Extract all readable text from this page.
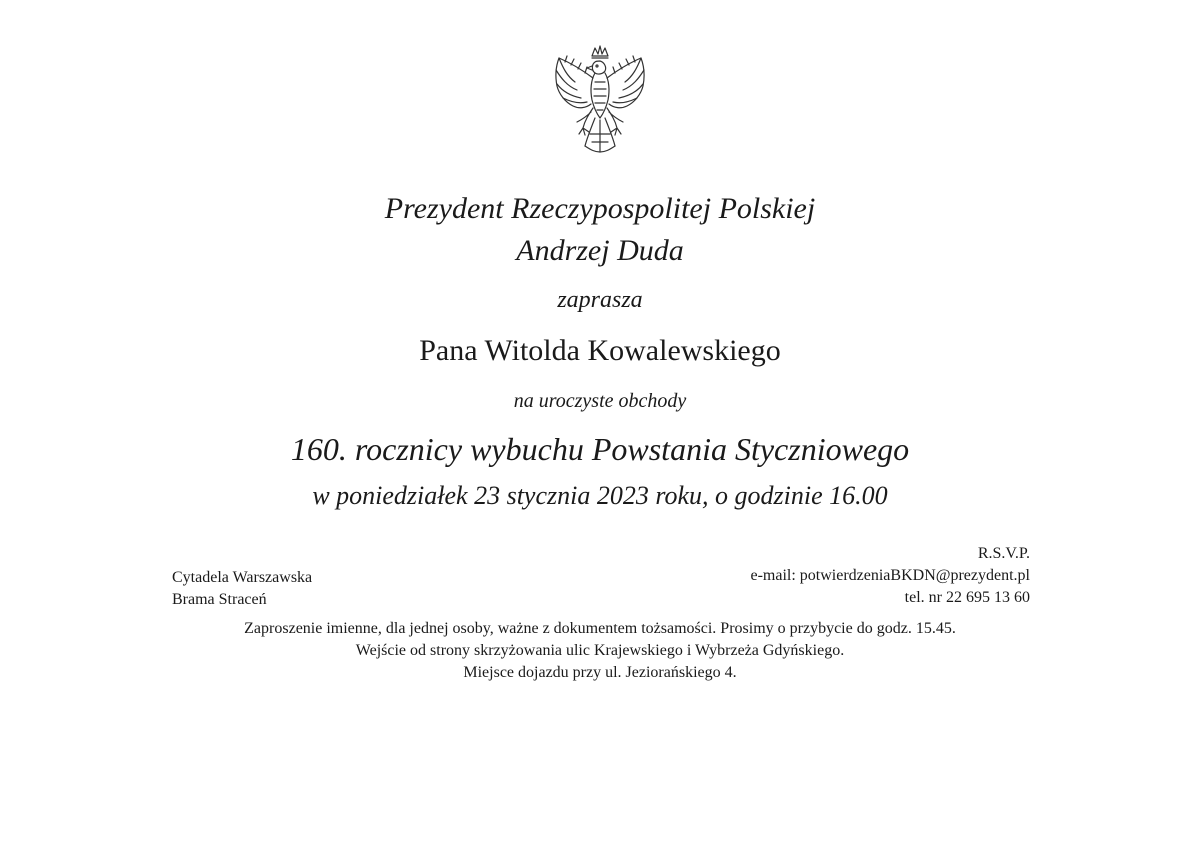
Prezydent Rzeczypospolitej Polskiej
Andrzej Duda
zaprasza
Pana Witolda Kowalewskiego
na uroczyste obchody
160. rocznicy wybuchu Powstania Styczniowego
w poniedziałek 23 stycznia 2023 roku, o godzinie 16.00
Cytadela Warszawska
Brama Straceń
R.S.V.P.
e-mail: potwierdzeniaBKDN@prezydent.pl
tel. nr 22 695 13 60
Zaproszenie imienne, dla jednej osoby, ważne z dokumentem tożsamości. Prosimy o przybycie do godz. 15.45.
Wejście od strony skrzyżowania ulic Krajewskiego i Wybrzeża Gdyńskiego.
Miejsce dojazdu przy ul. Jeziorańskiego 4.
